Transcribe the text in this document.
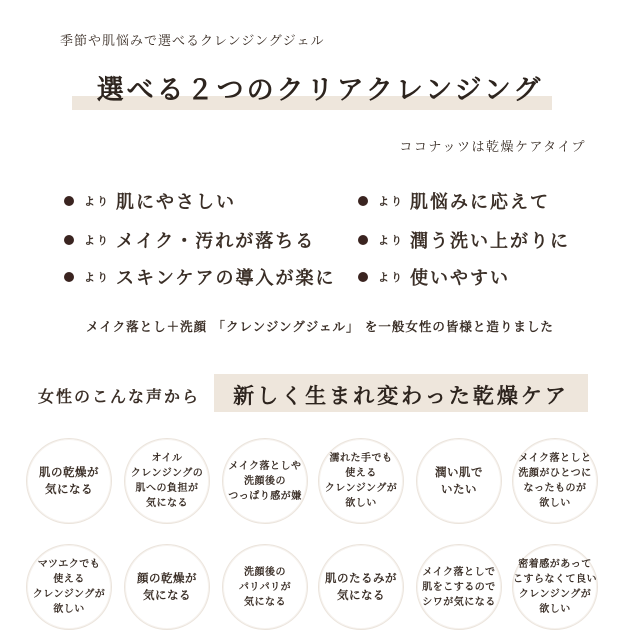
季節や肌悩みで選べるクレンジングジェル
選べる２つのクリアクレンジング
ココナッツは乾燥ケアタイプ
より 肌にやさしい
より メイク・汚れが落ちる
より スキンケアの導入が楽に
より 肌悩みに応えて
より 潤う洗い上がりに
より 使いやすい
メイク落とし＋洗顔 「クレンジングジェル」 を一般女性の皆様と造りました
女性のこんな声から	新しく生まれ変わった乾燥ケア
肌の乾燥が
気になる
オイル
クレンジングの
肌への負担が
気になる
メイク落としや
洗顔後の
つっぱり感が嫌
濡れた手でも
使える
クレンジングが
欲しい
潤い肌で
いたい
メイク落としと
洗顔がひとつに
なったものが
欲しい
マツエクでも
使える
クレンジングが
欲しい
顔の乾燥が
気になる
洗顔後の
パリパリが
気になる
肌のたるみが
気になる
メイク落としで
肌をこするので
シワが気になる
密着感があって
こすらなくて良い
クレンジングが
欲しい
